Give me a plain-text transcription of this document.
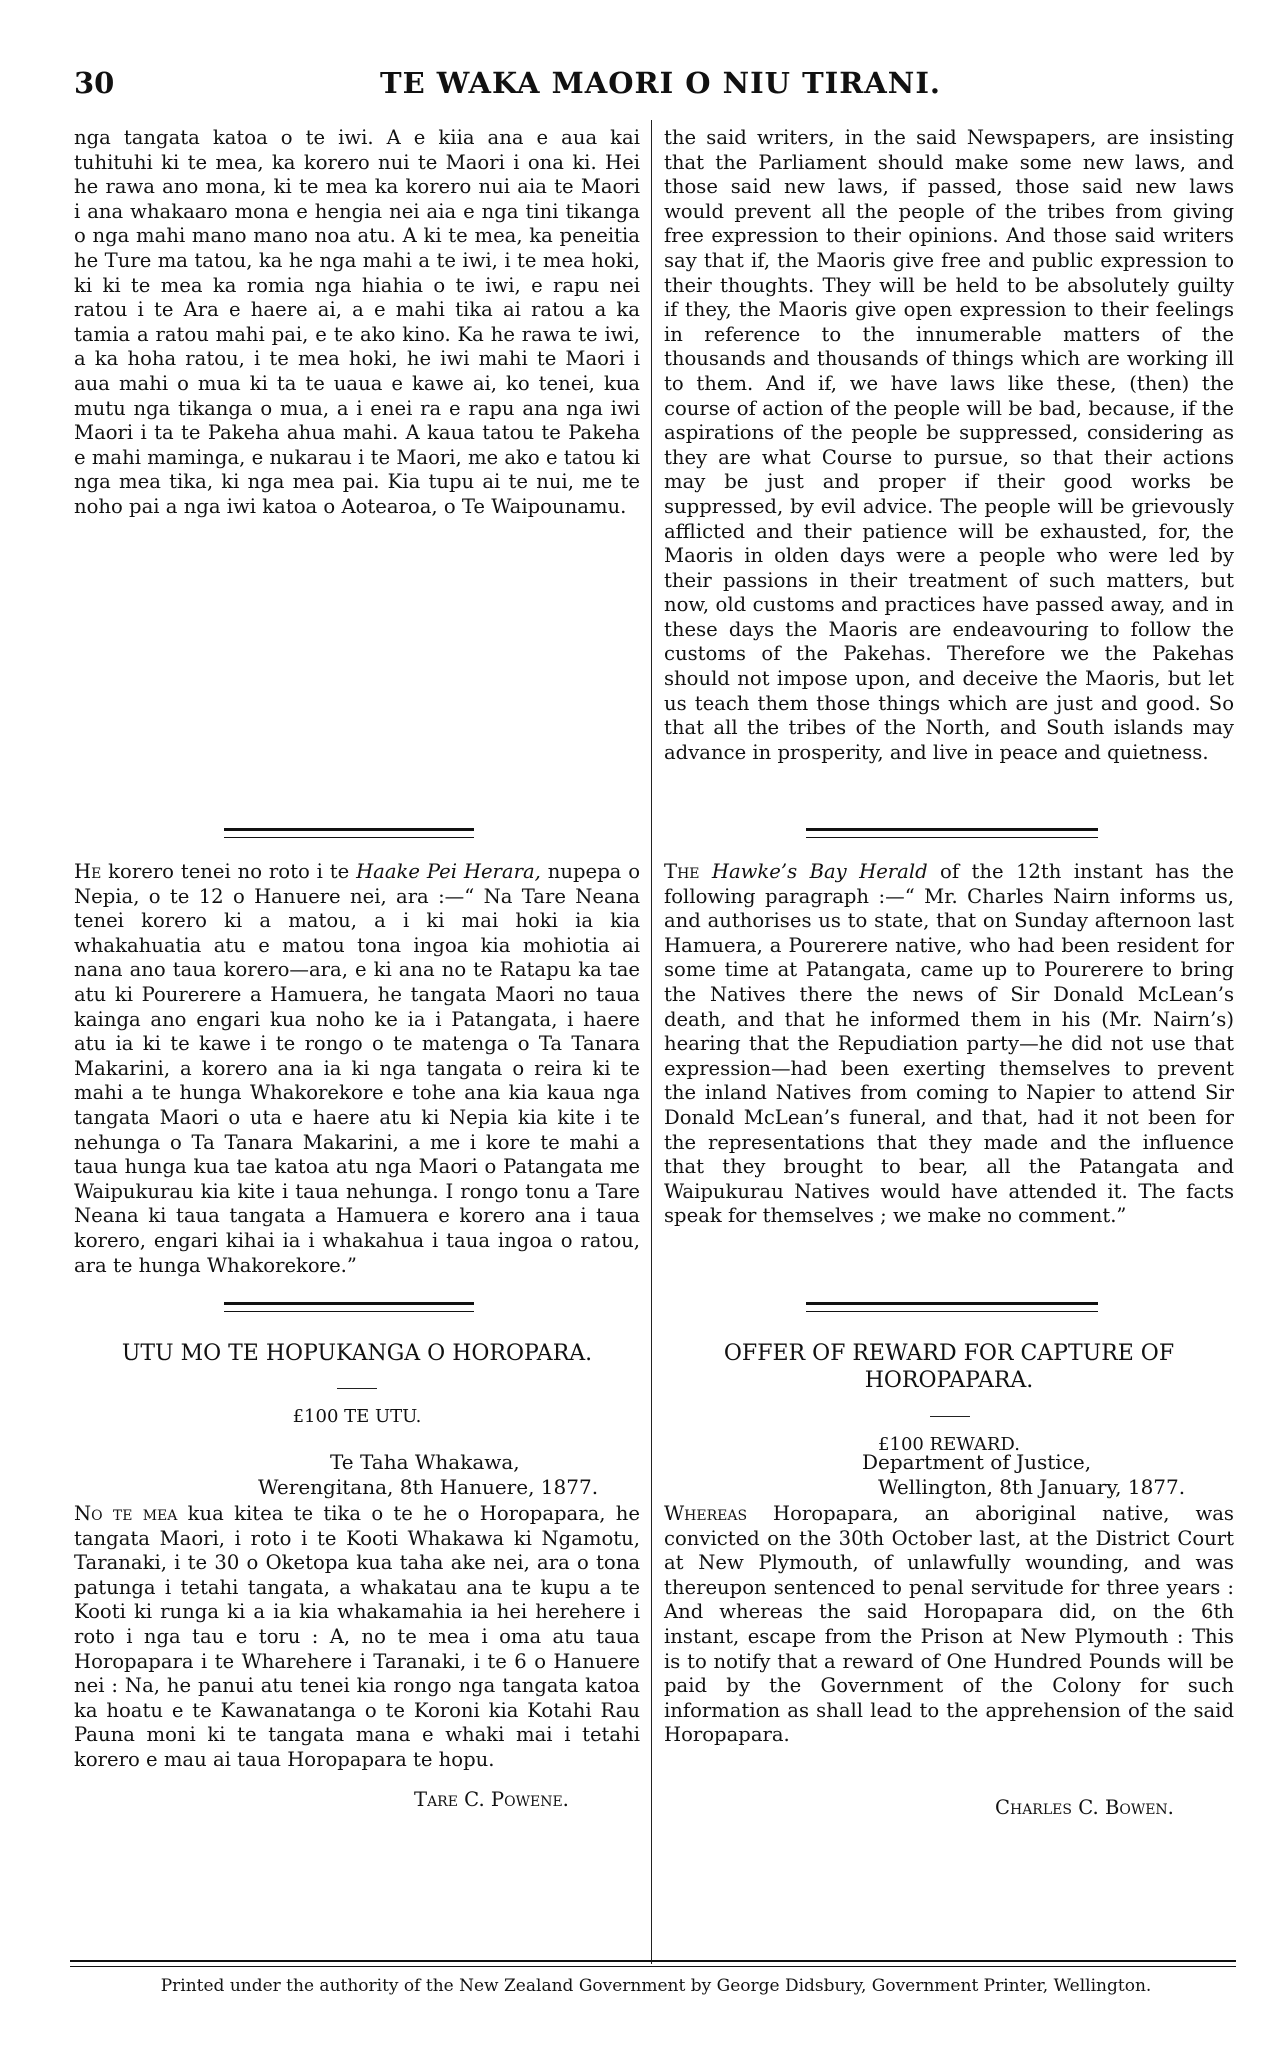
30	TE WAKA MAORI O NIU TIRANI.

nga tangata katoa o te iwi. A e kiia ana e aua kai tuhituhi ki te mea, ka korero nui te Maori i ona ki. Hei he rawa ano mona, ki te mea ka korero nui aia te Maori i ana whakaaro mona e hengia nei aia e nga tini tikanga o nga mahi mano mano noa atu. A ki te mea, ka peneitia he Ture ma tatou, ka he nga mahi a te iwi, i te mea hoki, ki ki te mea ka romia nga hiahia o te iwi, e rapu nei ratou i te Ara e haere ai, a e mahi tika ai ratou a ka tamia a ratou mahi pai, e te ako kino. Ka he rawa te iwi, a ka hoha ratou, i te mea hoki, he iwi mahi te Maori i aua mahi o mua ki ta te uaua e kawe ai, ko tenei, kua mutu nga tikanga o mua, a i enei ra e rapu ana nga iwi Maori i ta te Pakeha ahua mahi. A kaua tatou te Pakeha e mahi maminga, e nukarau i te Maori, me ako e tatou ki nga mea tika, ki nga mea pai. Kia tupu ai te nui, me te noho pai a nga iwi katoa o Aotearoa, o Te Waipounamu.

the said writers, in the said Newspapers, are insisting that the Parliament should make some new laws, and those said new laws, if passed, those said new laws would prevent all the people of the tribes from giving free expression to their opinions. And those said writers say that if, the Maoris give free and public expression to their thoughts. They will be held to be absolutely guilty if they, the Maoris give open expression to their feelings in reference to the innumerable matters of the thousands and thousands of things which are working ill to them. And if, we have laws like these, (then) the course of action of the people will be bad, because, if the aspirations of the people be suppressed, considering as they are what Course to pursue, so that their actions may be just and proper if their good works be suppressed, by evil advice. The people will be grievously afflicted and their patience will be exhausted, for, the Maoris in olden days were a people who were led by their passions in their treatment of such matters, but now, old customs and practices have passed away, and in these days the Maoris are endeavouring to follow the customs of the Pakehas. Therefore we the Pakehas should not impose upon, and deceive the Maoris, but let us teach them those things which are just and good. So that all the tribes of the North, and South islands may advance in prosperity, and live in peace and quietness.

He korero tenei no roto i te Haake Pei Herara, nupepa o Nepia, o te 12 o Hanuere nei, ara :—“ Na Tare Neana tenei korero ki a matou, a i ki mai hoki ia kia whakahuatia atu e matou tona ingoa kia mohiotia ai nana ano taua korero—ara, e ki ana no te Ratapu ka tae atu ki Pourerere a Hamuera, he tangata Maori no taua kainga ano engari kua noho ke ia i Patangata, i haere atu ia ki te kawe i te rongo o te matenga o Ta Tanara Makarini, a korero ana ia ki nga tangata o reira ki te mahi a te hunga Whakorekore e tohe ana kia kaua nga tangata Maori o uta e haere atu ki Nepia kia kite i te nehunga o Ta Tanara Makarini, a me i kore te mahi a taua hunga kua tae katoa atu nga Maori o Patangata me Waipukurau kia kite i taua nehunga. I rongo tonu a Tare Neana ki taua tangata a Hamuera e korero ana i taua korero, engari kihai ia i whakahua i taua ingoa o ratou, ara te hunga Whakorekore.”

The Hawke’s Bay Herald of the 12th instant has the following paragraph :—“ Mr. Charles Nairn informs us, and authorises us to state, that on Sunday afternoon last Hamuera, a Pourerere native, who had been resident for some time at Patangata, came up to Pourerere to bring the Natives there the news of Sir Donald McLean’s death, and that he informed them in his (Mr. Nairn’s) hearing that the Repudiation party—he did not use that expression—had been exerting themselves to prevent the inland Natives from coming to Napier to attend Sir Donald McLean’s funeral, and that, had it not been for the representations that they made and the influence that they brought to bear, all the Patangata and Waipukurau Natives would have attended it. The facts speak for themselves ; we make no comment.”

UTU MO TE HOPUKANGA O HOROPARA.
£100 TE UTU.
Te Taha Whakawa,
Werengitana, 8th Hanuere, 1877.

No te mea kua kitea te tika o te he o Horopapara, he tangata Maori, i roto i te Kooti Whakawa ki Ngamotu, Taranaki, i te 30 o Oketopa kua taha ake nei, ara o tona patunga i tetahi tangata, a whakatau ana te kupu a te Kooti ki runga ki a ia kia whakamahia ia hei herehere i roto i nga tau e toru : A, no te mea i oma atu taua Horopapara i te Wharehere i Taranaki, i te 6 o Hanuere nei : Na, he panui atu tenei kia rongo nga tangata katoa ka hoatu e te Kawanatanga o te Koroni kia Kotahi Rau Pauna moni ki te tangata mana e whaki mai i tetahi korero e mau ai taua Horopapara te hopu.

Tare C. Powene.
OFFER OF REWARD FOR CAPTURE OF HOROPAPARA.
£100 REWARD.
Department of Justice,
Wellington, 8th January, 1877.

Whereas Horopapara, an aboriginal native, was convicted on the 30th October last, at the District Court at New Plymouth, of unlawfully wounding, and was thereupon sentenced to penal servitude for three years : And whereas the said Horopapara did, on the 6th instant, escape from the Prison at New Plymouth : This is to notify that a reward of One Hundred Pounds will be paid by the Government of the Colony for such information as shall lead to the apprehension of the said Horopapara.

Charles C. Bowen.
Printed under the authority of the New Zealand Government by George Didsbury, Government Printer, Wellington.
